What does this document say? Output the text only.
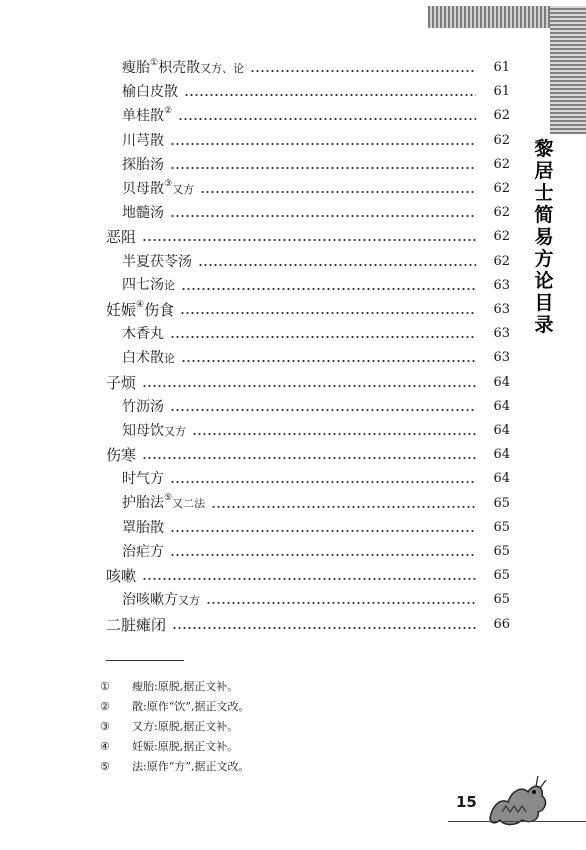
黎居士简易方论目录
瘦胎①枳壳散又方、论	61
榆白皮散	61
单桂散②	62
川芎散	62
探胎汤	62
贝母散③又方	62
地髓汤	62
恶阻	62
半夏茯苓汤	62
四七汤论	63
妊娠④伤食	63
木香丸	63
白术散论	63
子烦	64
竹沥汤	64
知母饮又方	64
伤寒	64
时气方	64
护胎法⑤又二法	65
罩胎散	65
治疟方	65
咳嗽	65
治咳嗽方又方	65
二脏瘫闭	66
①	瘦胎:原脱,据正文补。
②	散:原作“饮”,据正文改。
③	又方:原脱,据正文补。
④	妊娠:原脱,据正文补。
⑤	法:原作“方”,据正文改。
15
